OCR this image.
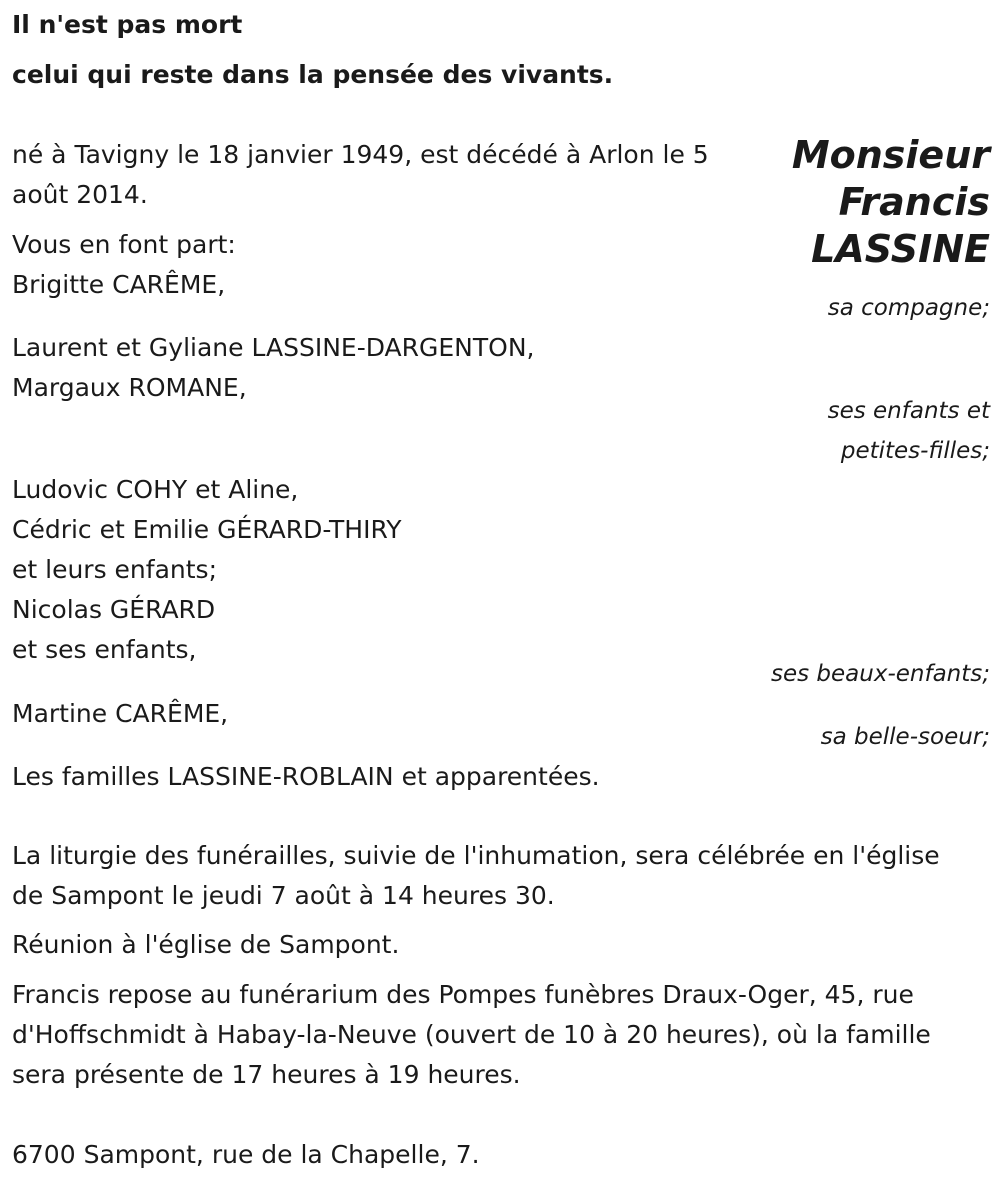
Il n'est pas mort
celui qui reste dans la pensée des vivants.
Monsieur
Francis
LASSINE
né à Tavigny le 18 janvier 1949, est décédé à Arlon le 5
août 2014.
Vous en font part:
Brigitte CARÊME,
sa compagne;
Laurent et Gyliane LASSINE-DARGENTON,
Margaux ROMANE,
ses enfants et
petites-filles;
Ludovic COHY et Aline,
Cédric et Emilie GÉRARD-THIRY
et leurs enfants;
Nicolas GÉRARD
et ses enfants,
ses beaux-enfants;
Martine CARÊME,
sa belle-soeur;
Les familles LASSINE-ROBLAIN et apparentées.
La liturgie des funérailles, suivie de l'inhumation, sera célébrée en l'église
de Sampont le jeudi 7 août à 14 heures 30.
Réunion à l'église de Sampont.
Francis repose au funérarium des Pompes funèbres Draux-Oger, 45, rue
d'Hoffschmidt à Habay-la-Neuve (ouvert de 10 à 20 heures), où la famille
sera présente de 17 heures à 19 heures.
6700 Sampont, rue de la Chapelle, 7.
